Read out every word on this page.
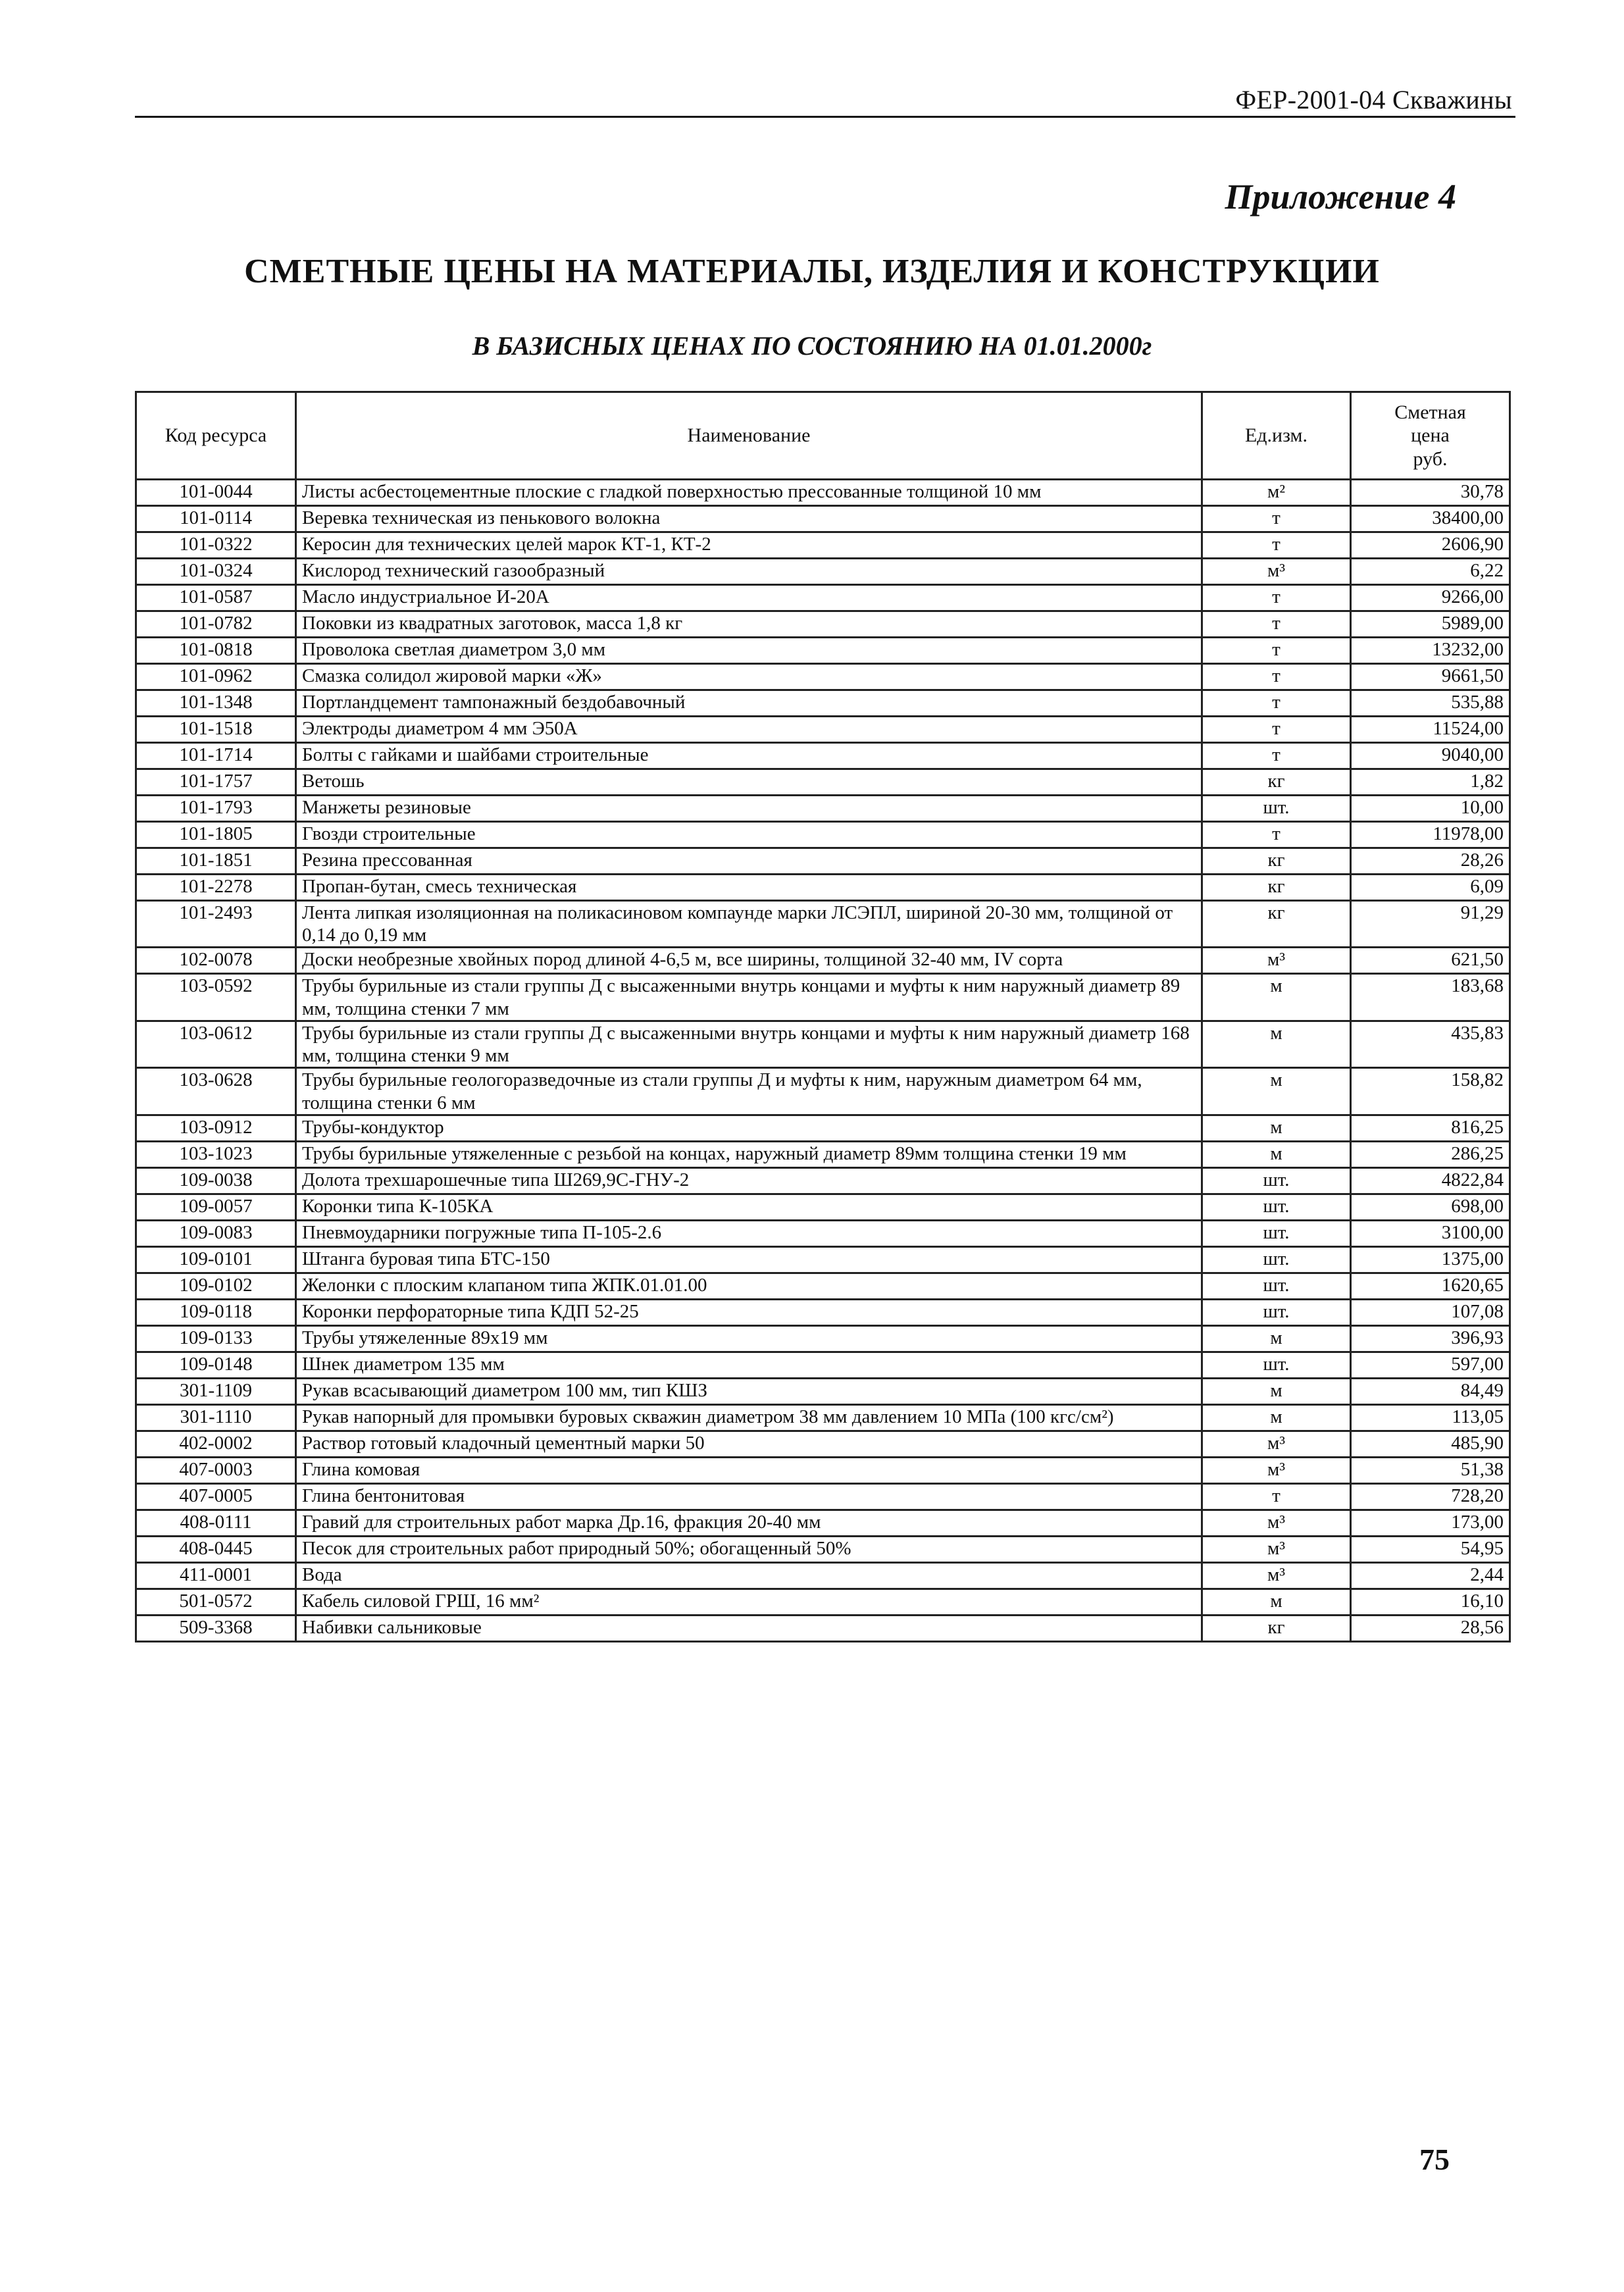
ФЕР-2001-04 Скважины
Приложение 4
СМЕТНЫЕ ЦЕНЫ НА МАТЕРИАЛЫ, ИЗДЕЛИЯ И КОНСТРУКЦИИ
В БАЗИСНЫХ ЦЕНАХ ПО СОСТОЯНИЮ НА 01.01.2000г
Код ресурса	Наименование	Ед.изм.	Сметная
цена
руб.
101-0044	Листы асбестоцементные плоские с гладкой поверхностью прессованные толщиной 10 мм	м²	30,78
101-0114	Веревка техническая из пенькового волокна	т	38400,00
101-0322	Керосин для технических целей марок КТ-1, КТ-2	т	2606,90
101-0324	Кислород технический газообразный	м³	6,22
101-0587	Масло индустриальное И-20А	т	9266,00
101-0782	Поковки из квадратных заготовок, масса 1,8 кг	т	5989,00
101-0818	Проволока светлая диаметром 3,0 мм	т	13232,00
101-0962	Смазка солидол жировой марки «Ж»	т	9661,50
101-1348	Портландцемент тампонажный бездобавочный	т	535,88
101-1518	Электроды диаметром 4 мм Э50А	т	11524,00
101-1714	Болты с гайками и шайбами строительные	т	9040,00
101-1757	Ветошь	кг	1,82
101-1793	Манжеты резиновые	шт.	10,00
101-1805	Гвозди строительные	т	11978,00
101-1851	Резина прессованная	кг	28,26
101-2278	Пропан-бутан, смесь техническая	кг	6,09
101-2493	Лента липкая изоляционная на поликасиновом компаунде марки ЛСЭПЛ, шириной 20-30 мм, толщиной от 0,14 до 0,19 мм	кг	91,29
102-0078	Доски необрезные хвойных пород длиной 4-6,5 м, все ширины, толщиной 32-40 мм, IV сорта	м³	621,50
103-0592	Трубы бурильные из стали группы Д с высаженными внутрь концами и муфты к ним наружный диаметр 89 мм, толщина стенки 7 мм	м	183,68
103-0612	Трубы бурильные из стали группы Д с высаженными внутрь концами и муфты к ним наружный диаметр 168 мм, толщина стенки 9 мм	м	435,83
103-0628	Трубы бурильные геологоразведочные из стали группы Д и муфты к ним, наружным диаметром 64 мм, толщина стенки 6 мм	м	158,82
103-0912	Трубы-кондуктор	м	816,25
103-1023	Трубы бурильные утяжеленные с резьбой на концах, наружный диаметр 89мм толщина стенки 19 мм	м	286,25
109-0038	Долота трехшарошечные типа Ш269,9С-ГНУ-2	шт.	4822,84
109-0057	Коронки типа К-105КА	шт.	698,00
109-0083	Пневмоударники погружные типа П-105-2.6	шт.	3100,00
109-0101	Штанга буровая типа БТС-150	шт.	1375,00
109-0102	Желонки с плоским клапаном типа ЖПК.01.01.00	шт.	1620,65
109-0118	Коронки перфораторные типа КДП 52-25	шт.	107,08
109-0133	Трубы утяжеленные 89х19 мм	м	396,93
109-0148	Шнек диаметром 135 мм	шт.	597,00
301-1109	Рукав всасывающий диаметром 100 мм, тип КШЗ	м	84,49
301-1110	Рукав напорный для промывки буровых скважин диаметром 38 мм давлением 10 МПа (100 кгс/см²)	м	113,05
402-0002	Раствор готовый кладочный цементный марки 50	м³	485,90
407-0003	Глина комовая	м³	51,38
407-0005	Глина бентонитовая	т	728,20
408-0111	Гравий для строительных работ марка Др.16, фракция 20-40 мм	м³	173,00
408-0445	Песок для строительных работ природный 50%; обогащенный 50%	м³	54,95
411-0001	Вода	м³	2,44
501-0572	Кабель силовой ГРШ, 16 мм²	м	16,10
509-3368	Набивки сальниковые	кг	28,56
75
